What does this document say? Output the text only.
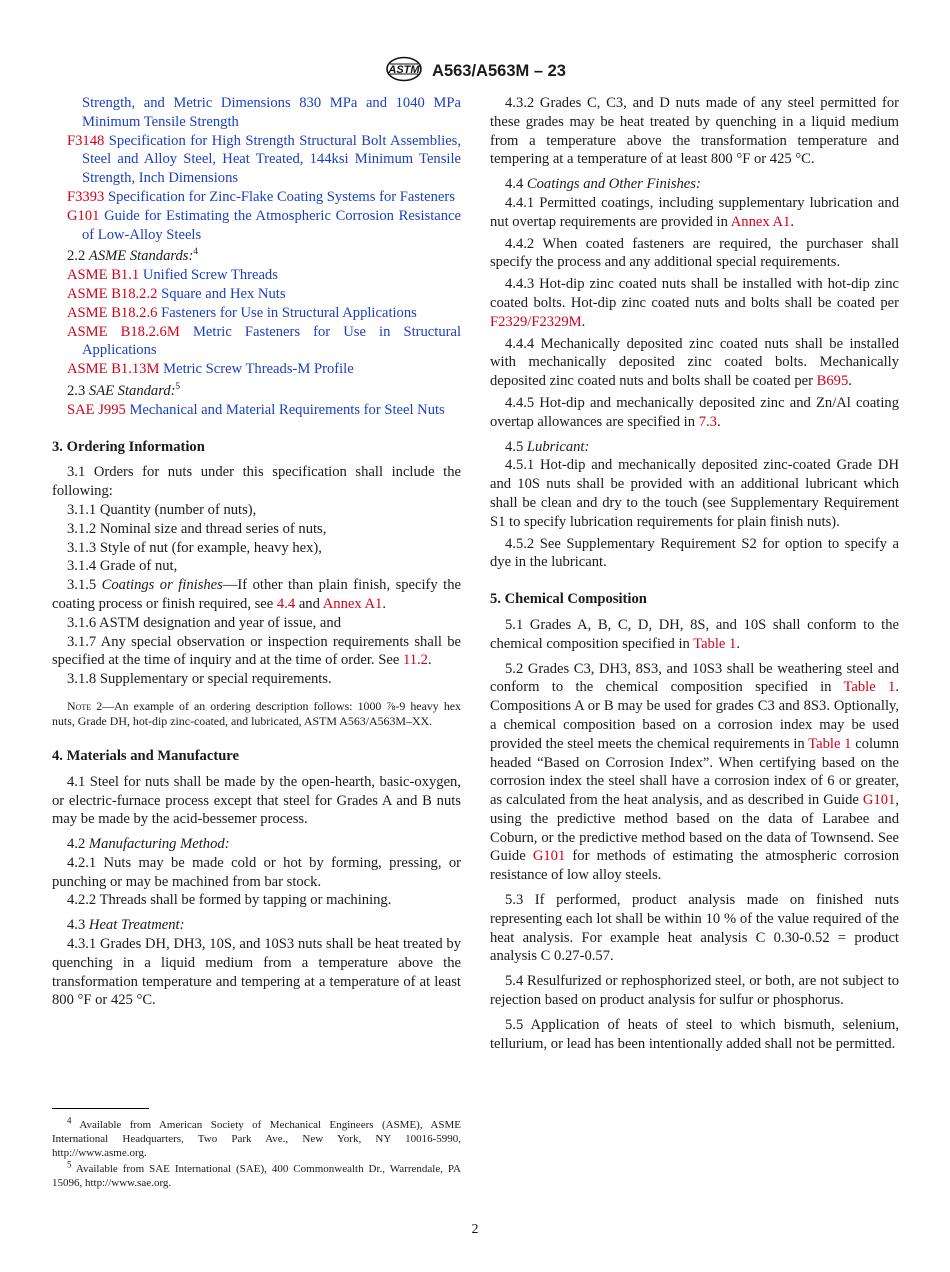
ASTM A563/A563M – 23

Strength, and Metric Dimensions 830 MPa and 1040 MPa Minimum Tensile Strength

F3148 Specification for High Strength Structural Bolt Assemblies, Steel and Alloy Steel, Heat Treated, 144ksi Minimum Tensile Strength, Inch Dimensions

F3393 Specification for Zinc-Flake Coating Systems for Fasteners

G101 Guide for Estimating the Atmospheric Corrosion Resistance of Low-Alloy Steels

2.2 ASME Standards:$^4$

ASME B1.1 Unified Screw Threads

ASME B18.2.2 Square and Hex Nuts

ASME B18.2.6 Fasteners for Use in Structural Applications

ASME B18.2.6M Metric Fasteners for Use in Structural Applications

ASME B1.13M Metric Screw Threads-M Profile

2.3 SAE Standard:$^5$

SAE J995 Mechanical and Material Requirements for Steel Nuts

3. Ordering Information

3.1 Orders for nuts under this specification shall include the following:

3.1.1 Quantity (number of nuts),

3.1.2 Nominal size and thread series of nuts,

3.1.3 Style of nut (for example, heavy hex),

3.1.4 Grade of nut,

3.1.5 Coatings or finishes—If other than plain finish, specify the coating process or finish required, see 4.4 and Annex A1.

3.1.6 ASTM designation and year of issue, and

3.1.7 Any special observation or inspection requirements shall be specified at the time of inquiry and at the time of order. See 11.2.

3.1.8 Supplementary or special requirements.

Note 2—An example of an ordering description follows: 1000 ⅞-9 heavy hex nuts, Grade DH, hot-dip zinc-coated, and lubricated, ASTM A563/A563M–XX.

4. Materials and Manufacture

4.1 Steel for nuts shall be made by the open-hearth, basic-oxygen, or electric-furnace process except that steel for Grades A and B nuts may be made by the acid-bessemer process.

4.2 Manufacturing Method:

4.2.1 Nuts may be made cold or hot by forming, pressing, or punching or may be machined from bar stock.

4.2.2 Threads shall be formed by tapping or machining.

4.3 Heat Treatment:

4.3.1 Grades DH, DH3, 10S, and 10S3 nuts shall be heat treated by quenching in a liquid medium from a temperature above the transformation temperature and tempering at a temperature of at least 800 °F or 425 °C.

4.3.2 Grades C, C3, and D nuts made of any steel permitted for these grades may be heat treated by quenching in a liquid medium from a temperature above the transformation temperature and tempering at a temperature of at least 800 °F or 425 °C.

4.4 Coatings and Other Finishes:

4.4.1 Permitted coatings, including supplementary lubrication and nut overtap requirements are provided in Annex A1.

4.4.2 When coated fasteners are required, the purchaser shall specify the process and any additional special requirements.

4.4.3 Hot-dip zinc coated nuts shall be installed with hot-dip zinc coated bolts. Hot-dip zinc coated nuts and bolts shall be coated per F2329/F2329M.

4.4.4 Mechanically deposited zinc coated nuts shall be installed with mechanically deposited zinc coated bolts. Mechanically deposited zinc coated nuts and bolts shall be coated per B695.

4.4.5 Hot-dip and mechanically deposited zinc and Zn/Al coating overtap allowances are specified in 7.3.

4.5 Lubricant:

4.5.1 Hot-dip and mechanically deposited zinc-coated Grade DH and 10S nuts shall be provided with an additional lubricant which shall be clean and dry to the touch (see Supplementary Requirement S1 to specify lubrication requirements for plain finish nuts).

4.5.2 See Supplementary Requirement S2 for option to specify a dye in the lubricant.

5. Chemical Composition

5.1 Grades A, B, C, D, DH, 8S, and 10S shall conform to the chemical composition specified in Table 1.

5.2 Grades C3, DH3, 8S3, and 10S3 shall be weathering steel and conform to the chemical composition specified in Table 1. Compositions A or B may be used for grades C3 and 8S3. Optionally, a chemical composition based on a corrosion index may be used provided the steel meets the chemical requirements in Table 1 column headed “Based on Corrosion Index”. When certifying based on the corrosion index the steel shall have a corrosion index of 6 or greater, as calculated from the heat analysis, and as described in Guide G101, using the predictive method based on the data of Larabee and Coburn, or the predictive method based on the data of Townsend. See Guide G101 for methods of estimating the atmospheric corrosion resistance of low alloy steels.

5.3 If performed, product analysis made on finished nuts representing each lot shall be within 10 % of the value required of the heat analysis. For example heat analysis C 0.30-0.52 = product analysis C 0.27-0.57.

5.4 Resulfurized or rephosphorized steel, or both, are not subject to rejection based on product analysis for sulfur or phosphorus.

5.5 Application of heats of steel to which bismuth, selenium, tellurium, or lead has been intentionally added shall not be permitted.

$^4$ Available from American Society of Mechanical Engineers (ASME), ASME International Headquarters, Two Park Ave., New York, NY 10016-5990, http://www.asme.org.

$^5$ Available from SAE International (SAE), 400 Commonwealth Dr., Warrendale, PA 15096, http://www.sae.org.

2
